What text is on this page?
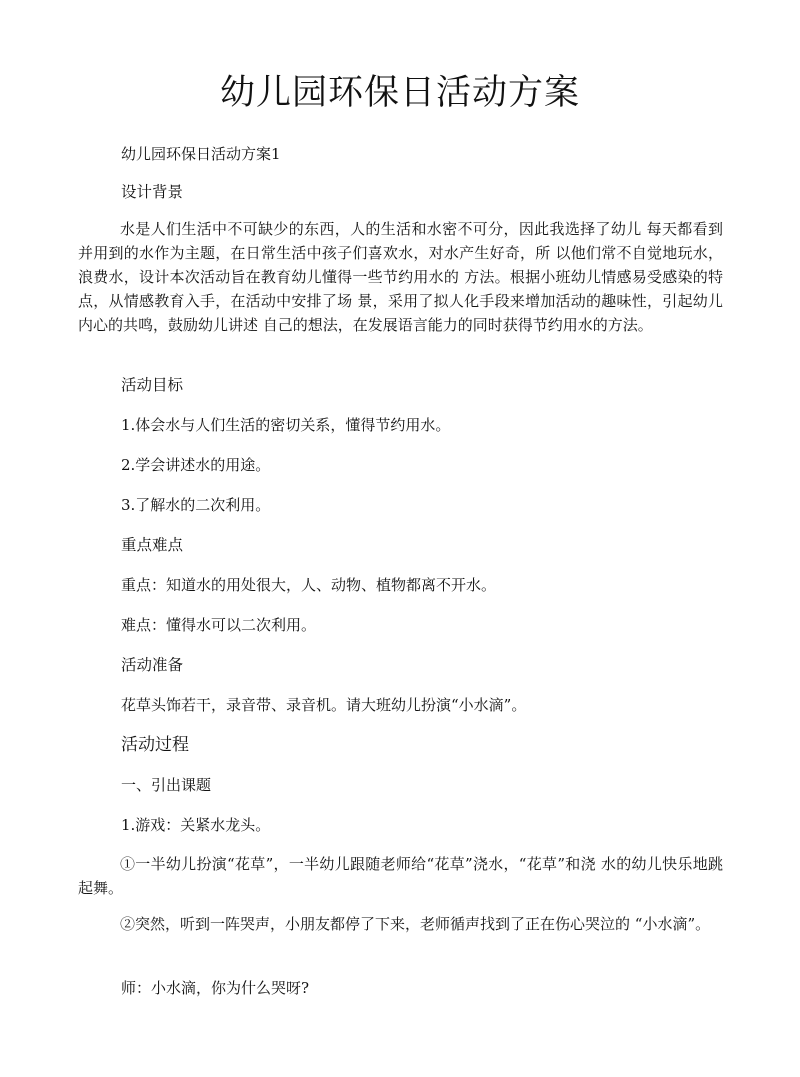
幼儿园环保日活动方案
幼儿园环保日活动方案1
设计背景
水是人们生活中不可缺少的东西，人的生活和水密不可分，因此我选择了幼儿 每天都看到并用到的水作为主题，在日常生活中孩子们喜欢水，对水产生好奇，所 以他们常不自觉地玩水，浪费水，设计本次活动旨在教育幼儿懂得一些节约用水的 方法。根据小班幼儿情感易受感染的特点，从情感教育入手，在活动中安排了场 景，采用了拟人化手段来增加活动的趣味性，引起幼儿内心的共鸣，鼓励幼儿讲述 自己的想法，在发展语言能力的同时获得节约用水的方法。
活动目标
1.体会水与人们生活的密切关系，懂得节约用水。
2.学会讲述水的用途。
3.了解水的二次利用。
重点难点
重点：知道水的用处很大，人、动物、植物都离不开水。
难点：懂得水可以二次利用。
活动准备
花草头饰若干，录音带、录音机。请大班幼儿扮演“小水滴”。
活动过程
一、引出课题
1.游戏：关紧水龙头。
①一半幼儿扮演“花草”，一半幼儿跟随老师给“花草”浇水，“花草”和浇 水的幼儿快乐地跳起舞。
②突然，听到一阵哭声，小朋友都停了下来，老师循声找到了正在伤心哭泣的 “小水滴”。
师：小水滴，你为什么哭呀?
